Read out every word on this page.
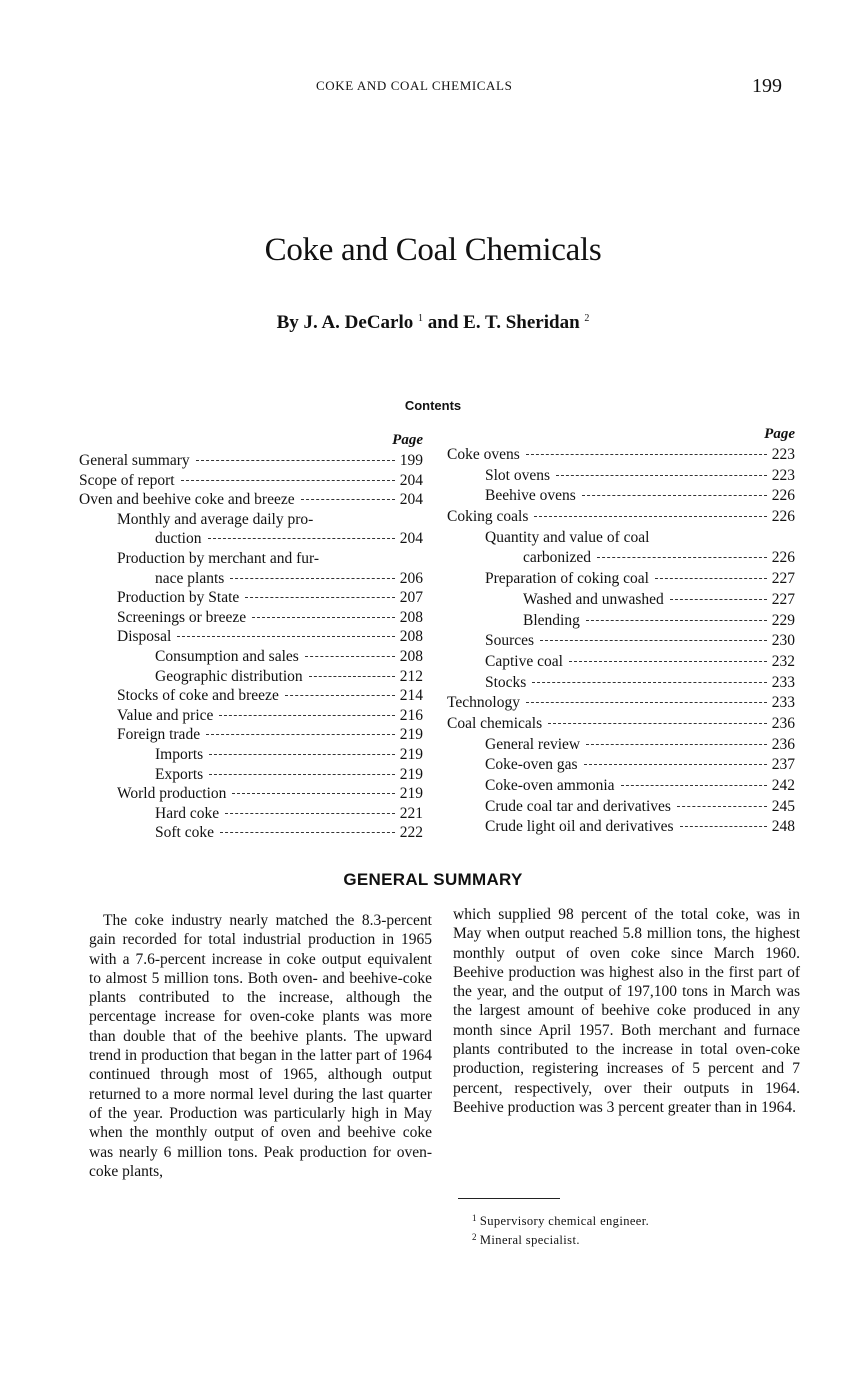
COKE AND COAL CHEMICALS	199
Coke and Coal Chemicals
By J. A. DeCarlo $^1$ and E. T. Sheridan $^2$
Contents
Page
General summary	199
Scope of report	204
Oven and beehive coke and breeze	204
Monthly and average daily pro-
duction	204
Production by merchant and fur-
nace plants	206
Production by State	207
Screenings or breeze	208
Disposal	208
Consumption and sales	208
Geographic distribution	212
Stocks of coke and breeze	214
Value and price	216
Foreign trade	219
Imports	219
Exports	219
World production	219
Hard coke	221
Soft coke	222
Page
Coke ovens	223
Slot ovens	223
Beehive ovens	226
Coking coals	226
Quantity and value of coal
carbonized	226
Preparation of coking coal	227
Washed and unwashed	227
Blending	229
Sources	230
Captive coal	232
Stocks	233
Technology	233
Coal chemicals	236
General review	236
Coke-oven gas	237
Coke-oven ammonia	242
Crude coal tar and derivatives	245
Crude light oil and derivatives	248
GENERAL SUMMARY
The coke industry nearly matched the 8.3-percent gain recorded for total industrial production in 1965 with a 7.6-percent increase in coke output equivalent to almost 5 million tons. Both oven- and beehive-coke plants contributed to the increase, although the percentage increase for oven-coke plants was more than double that of the beehive plants. The upward trend in production that began in the latter part of 1964 continued through most of 1965, although output returned to a more normal level during the last quarter of the year. Production was particularly high in May when the monthly output of oven and beehive coke was nearly 6 million tons. Peak production for oven-coke plants,
which supplied 98 percent of the total coke, was in May when output reached 5.8 million tons, the highest monthly output of oven coke since March 1960. Beehive production was highest also in the first part of the year, and the output of 197,100 tons in March was the largest amount of beehive coke produced in any month since April 1957. Both merchant and furnace plants contributed to the increase in total oven-coke production, registering increases of 5 percent and 7 percent, respectively, over their outputs in 1964. Beehive production was 3 percent greater than in 1964.
$^1$ Supervisory chemical engineer.
$^2$ Mineral specialist.
